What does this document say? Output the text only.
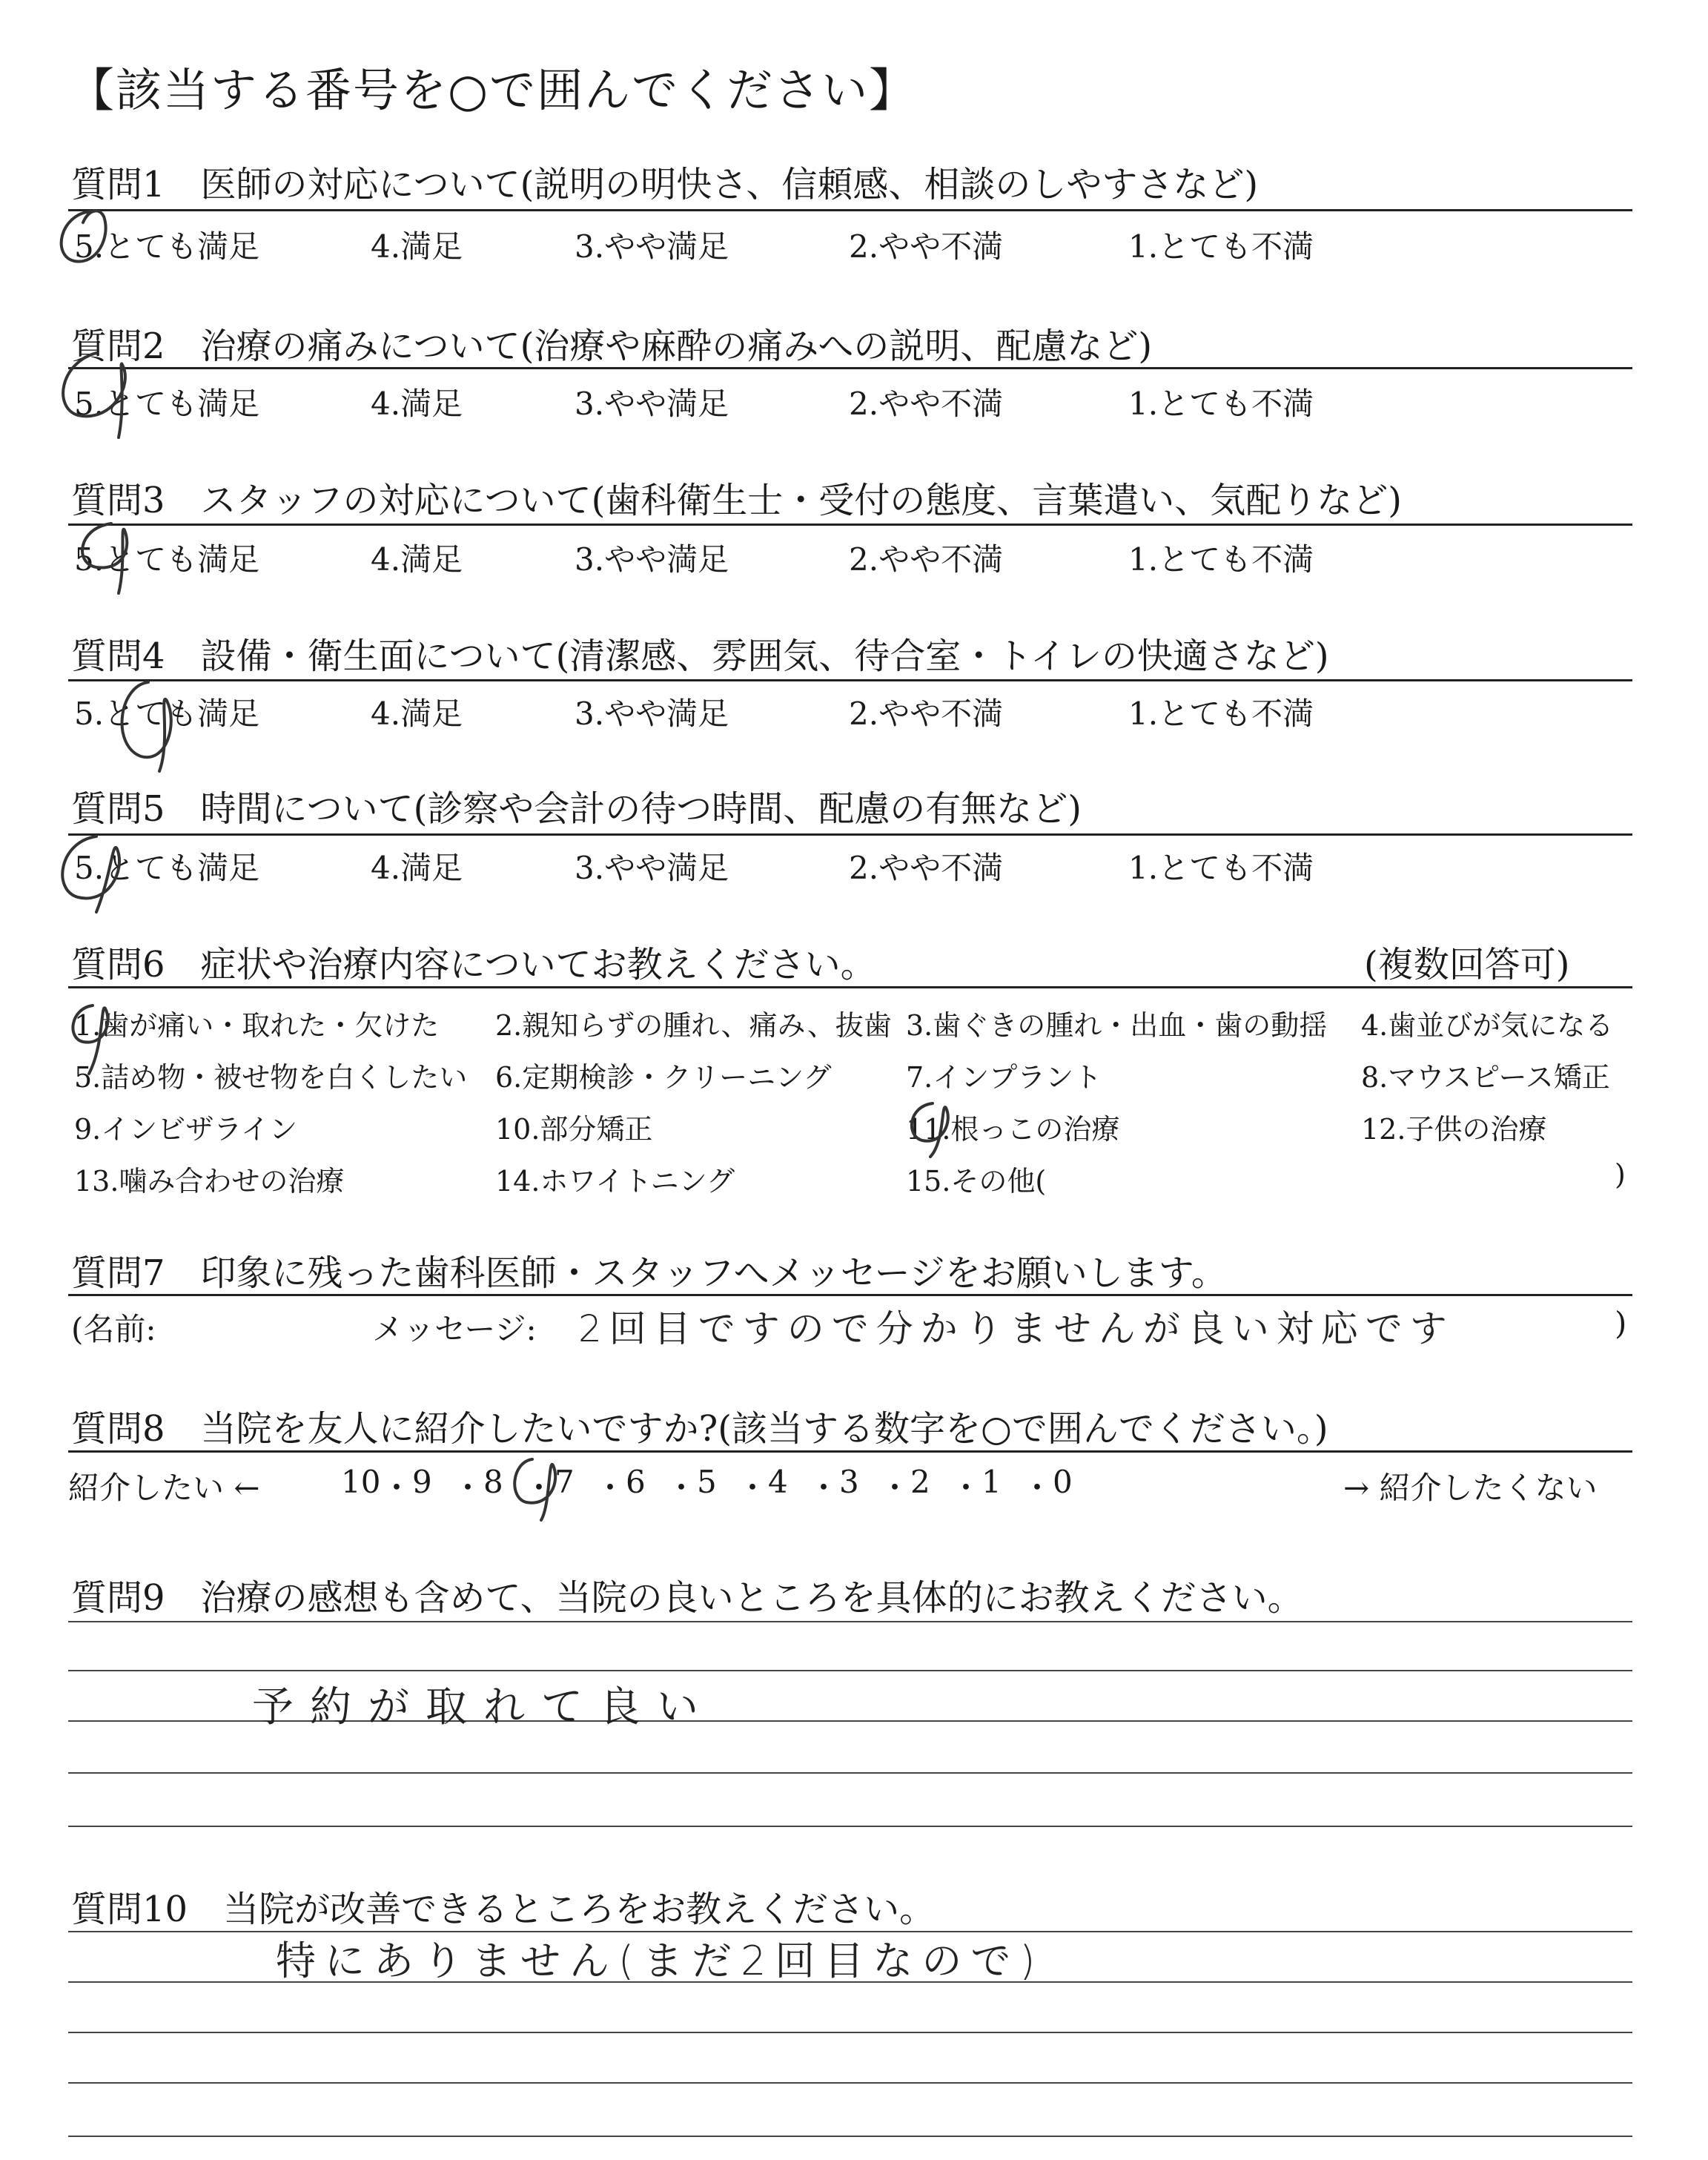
【該当する番号を○で囲んでください】
質問1　医師の対応について(説明の明快さ、信頼感、相談のしやすさなど)
5.とても満足	4.満足	3.やや満足	2.やや不満	1.とても不満
質問2　治療の痛みについて(治療や麻酔の痛みへの説明、配慮など)
5.とても満足	4.満足	3.やや満足	2.やや不満	1.とても不満
質問3　スタッフの対応について(歯科衛生士・受付の態度、言葉遣い、気配りなど)
5.とても満足	4.満足	3.やや満足	2.やや不満	1.とても不満
質問4　設備・衛生面について(清潔感、雰囲気、待合室・トイレの快適さなど)
5.とても満足	4.満足	3.やや満足	2.やや不満	1.とても不満
質問5　時間について(診察や会計の待つ時間、配慮の有無など)
5.とても満足	4.満足	3.やや満足	2.やや不満	1.とても不満
質問6　症状や治療内容についてお教えください。	(複数回答可)
1.歯が痛い・取れた・欠けた 2.親知らずの腫れ、痛み、抜歯 3.歯ぐきの腫れ・出血・歯の動揺 4.歯並びが気になる
5.詰め物・被せ物を白くしたい 6.定期検診・クリーニング	7.インプラント	8.マウスピース矯正
9.インビザライン	10.部分矯正	11.根っこの治療	12.子供の治療
13.噛み合わせの治療	14.ホワイトニング	15.その他(	)
質問7　印象に残った歯科医師・スタッフへメッセージをお願いします。
(名前:	メッセージ: 2回目ですので分かりませんが良い対応です	)
質問8　当院を友人に紹介したいですか?(該当する数字を○で囲んでください。)
紹介したい ←	→ 紹介したくない
質問9　治療の感想も含めて、当院の良いところを具体的にお教えください。
予約が取れて良い
質問10　当院が改善できるところをお教えください。
特にありません(まだ2回目なので)
10 ・ 9 ・ 8 ・ 7 ・ 6 ・ 5 ・ 4 ・ 3 ・ 2 ・ 1 ・ 0
